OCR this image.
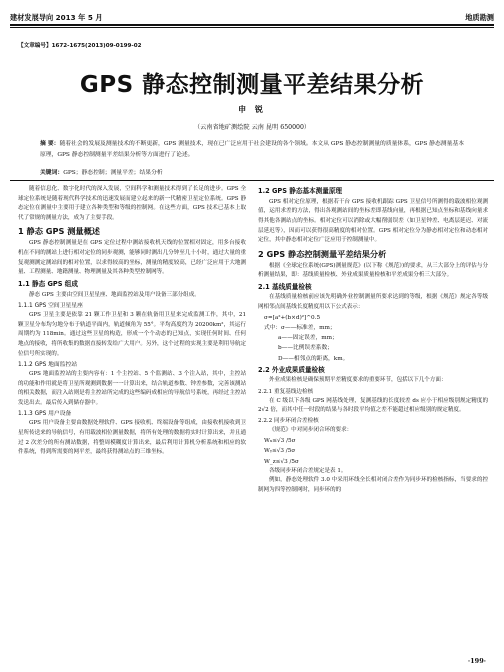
建材发展导向 2013 年 5 月	地质勘测
【文章编号】1672-1675(2013)09-0199-02
GPS 静态控制测量平差结果分析
申 锐
（云南省地矿测绘院 云南 昆明 650000）
摘 要：随着社会的发展及测量技术的不断更新，GPS 测量技术，现在已广泛应用于社会建设的各个领域。本文从 GPS 静态控制测量的质量体系，GPS 静态测量基本原理，GPS 静态控制测量平差结果分析等方面进行了论述。
关键词：GPS；静态控制；测量平差；结果分析

随着信息化、数字化时代的深入发展，空间科学和测量技术得到了长足的进步。GPS 全球定位系统是随着现代科学技术的迅速发展而建立起来的新一代精密卫星定位系统。GPS 静态定位在测量中主要用于建立各种类型和等级的控制网。在这些方面，GPS 技术已基本上取代了常规的测量方法，成为了主要手段。

1 静态 GPS 测量概述

GPS 静态控制测量是在 GPS 定位过程中测站接收机天线的位置相对固定，用多台接收机在不同的测站上进行相对定位的同步观测，能够同时测出几分钟至几十小时，通过大量的重复观测测定测站间的相对位置，以求得较高的坐标，测量的精度较高，已经广泛应用于大地测量、工程测量、地籍测量、物理测量及其各种类型控制网等。

1.1 静态 GPS 组成

静态 GPS 主要由空间卫星星座、地面监控站及用户设备三部分组成。

1.1.1 GPS 空间卫星星座

GPS 卫星主要是依靠 21 颗工作卫星和 3 颗在轨备用卫星来完成监测工作，其中，21 颗卫星分布均匀地分布于轨道平面内，轨道倾角为 55°。平均高度约为 20200km²，其运行周期约为 118min。通过这些卫星的构造，形成一个个动态的已知点，实现任何时间、任何地点的接收，将所收集的数据直接转发给广大用户。另外，这个过程的实现主要是利用导航定位信号所实现的。

1.1.2 GPS 地面监控站

GPS 地面监控站的主要内容有：1 个主控站、5 个监测站、3 个注入站，其中，主控站的功能和作用就是将卫星所观测到数据一一计算出来，结合轨道参数、钟差参数，完善该测站的相关数据，而注入站则是将主控站所完成的这些编码成相应的导航信号系统，再经过主控站发送出去。最后传入到储存器中。

1.1.3 GPS 用户设备

GPS 用户设备主要由数据处理软件、GPS 接收机、终端设备等组成，由接收机接收到卫星所传送来的导航信号，有用载波相位测量数据，将所有处理的数据将实时计算出来，并且通过 2 次差分的所有测站数据，将整周模糊度计算出来，最后利用计算机分析系统和相应的软件系统，得到所需要的网平差，最终获得测站点的三维坐标。

1.2 GPS 静态基本测量原理

GPS 相对定位原理，根据若干台 GPS 接收机跟踪 GPS 卫星信号所测得的载波相位观测值，运用求差的方法，得出各观测站间的坐标差即基线向量，再根据已知点坐标和基线向量求得其他各测站点的坐标。相对定位可以消除或大幅削弱误差（如卫星钟差、电离层延迟、对流层延迟等），因而可以获得很高精度的相对位置。GPS 相对定位分为静态相对定位和动态相对定位，其中静态相对定位广泛应用于控制测量中。

2 GPS 静态控制测量平差结果分析

根据《全球定位系统(GPS)测量规范》(以下称《规范》)的要求，从三大部分上的评估与分析测量结果，即：基线质量检核、外业成果质量检核和平差成果分析三大部分。

2.1 基线质量检核

在基线质量检核前应该先明确外业控制测量所要求达到的等级，根据《规范》规定各等级网相邻点间基线长度精度用以下公式表示：

σ=[a²+(b×d)²]^0.5
式中：σ——标准差，mm；
a——固定误差，mm；
b——比例误差系数；
D——相邻点的距离，km。
2.2 外业成果质量检核

外业成果检核是确保预期平差精度要求的重要环节，包括以下几个方面：

2.2.1 重复基线边检核

在 C 级以下各级 GPS 网基线处理，复测基线的长度较差 ds 应小于相应级别规定精度的 2√2 倍，而其中任一时段的结果与各时段平均值之差不能超过相应级别的规定精度。

2.2.2 同步环闭合差检核

《规范》中对同步闭合环的要求：

Wₓ≤√3 /5σ
Wᵧ≤√3 /5σ
W_z≤√3 /5σ

各级同步环闭合差规定是表 1。

例如，静态处理软件 3.0 中采用环线全长相对闭合差作为同步环的检核指标，当要求的控制网为四等控制网时，同步环的的

·199·
